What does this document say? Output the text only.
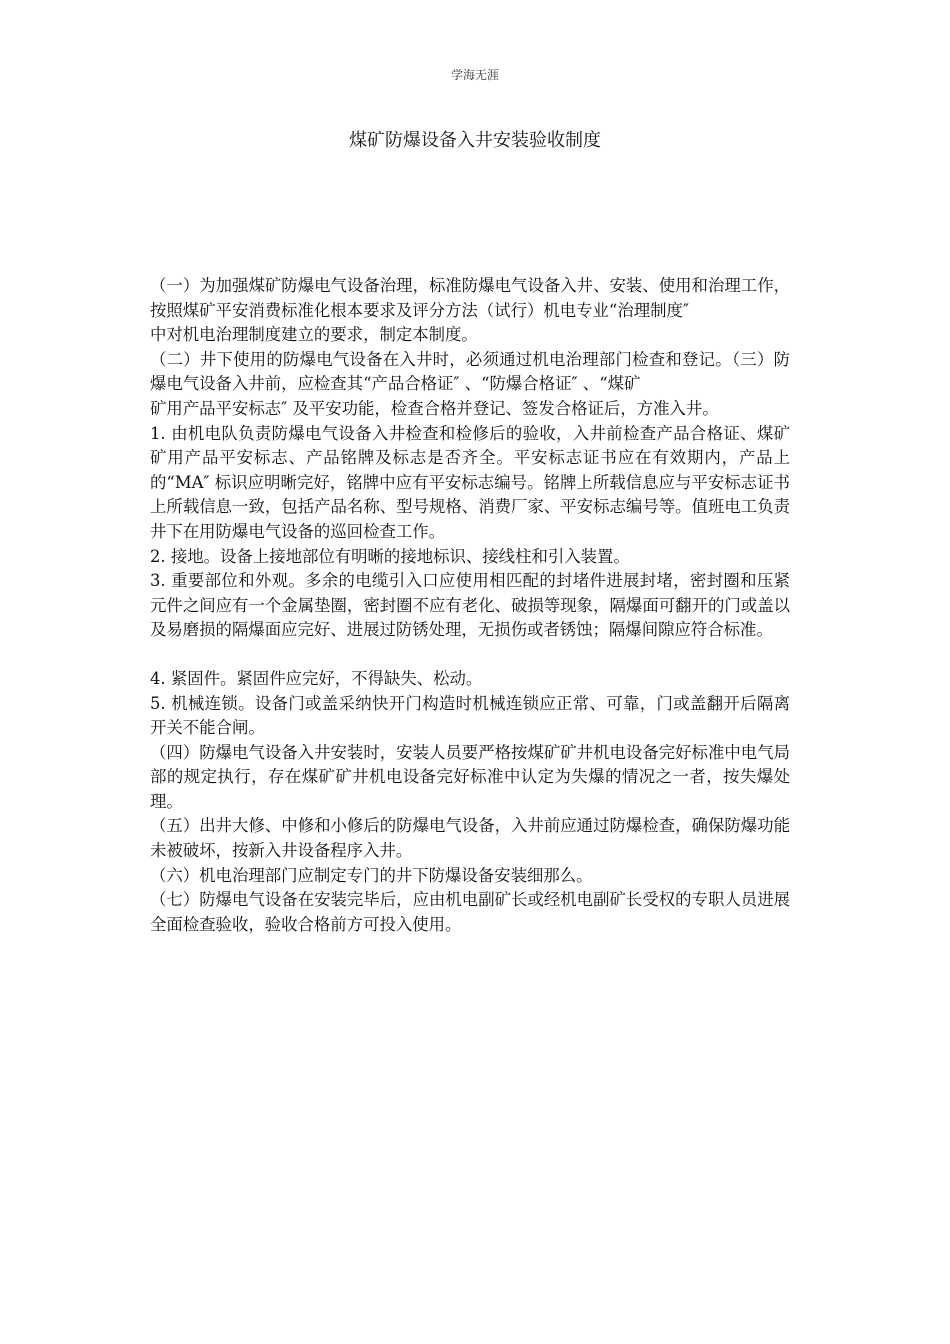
学海无涯
煤矿防爆设备入井安装验收制度

（一）为加强煤矿防爆电气设备治理，标准防爆电气设备入井、安装、使用和治理工作，按照煤矿平安消费标准化根本要求及评分方法（试行）机电专业“治理制度″

中对机电治理制度建立的要求，制定本制度。

（二）井下使用的防爆电气设备在入井时，必须通过机电治理部门检查和登记。（三）防爆电气设备入井前，应检查其“产品合格证″ 、“防爆合格证″ 、“煤矿

矿用产品平安标志″ 及平安功能，检查合格并登记、签发合格证后，方准入井。

1. 由机电队负责防爆电气设备入井检查和检修后的验收，入井前检查产品合格证、煤矿矿用产品平安标志、产品铭牌及标志是否齐全。平安标志证书应在有效期内，产品上的“MA″ 标识应明晰完好，铭牌中应有平安标志编号。铭牌上所载信息应与平安标志证书上所载信息一致，包括产品名称、型号规格、消费厂家、平安标志编号等。值班电工负责井下在用防爆电气设备的巡回检查工作。

2. 接地。设备上接地部位有明晰的接地标识、接线柱和引入装置。

3. 重要部位和外观。多余的电缆引入口应使用相匹配的封堵件进展封堵，密封圈和压紧元件之间应有一个金属垫圈，密封圈不应有老化、破损等现象，隔爆面可翻开的门或盖以及易磨损的隔爆面应完好、进展过防锈处理，无损伤或者锈蚀；隔爆间隙应符合标准。

4. 紧固件。紧固件应完好，不得缺失、松动。

5. 机械连锁。设备门或盖采纳快开门构造时机械连锁应正常、可靠，门或盖翻开后隔离开关不能合闸。

（四）防爆电气设备入井安装时，安装人员要严格按煤矿矿井机电设备完好标准中电气局部的规定执行，存在煤矿矿井机电设备完好标准中认定为失爆的情况之一者，按失爆处理。

（五）出井大修、中修和小修后的防爆电气设备，入井前应通过防爆检查，确保防爆功能未被破坏，按新入井设备程序入井。

（六）机电治理部门应制定专门的井下防爆设备安装细那么。

（七）防爆电气设备在安装完毕后，应由机电副矿长或经机电副矿长受权的专职人员进展全面检查验收，验收合格前方可投入使用。
